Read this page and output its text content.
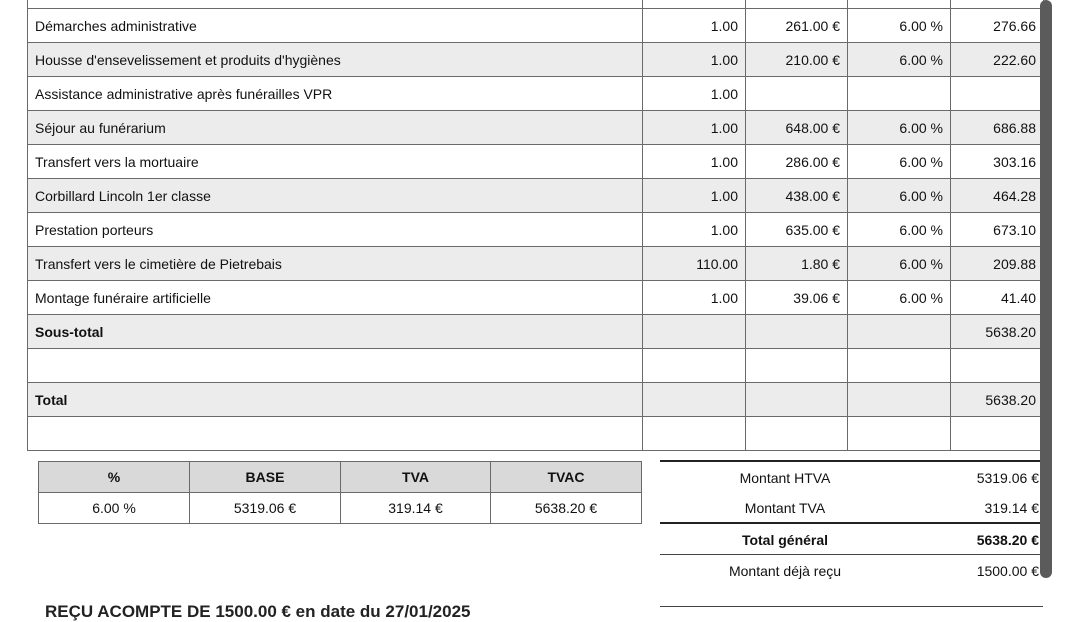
Démarches administrative	1.00	261.00 €	6.00 %	276.66
Housse d'ensevelissement et produits d'hygiènes	1.00	210.00 €	6.00 %	222.60
Assistance administrative après funérailles VPR	1.00			
Séjour au funérarium	1.00	648.00 €	6.00 %	686.88
Transfert vers la mortuaire	1.00	286.00 €	6.00 %	303.16
Corbillard Lincoln 1er classe	1.00	438.00 €	6.00 %	464.28
Prestation porteurs	1.00	635.00 €	6.00 %	673.10
Transfert vers le cimetière de Pietrebais	110.00	1.80 €	6.00 %	209.88
Montage funéraire artificielle	1.00	39.06 €	6.00 %	41.40
Sous-total				5638.20

Total				5638.20

%	BASE	TVA	TVAC
6.00 %	5319.06 €	319.14 €	5638.20 €
Montant HTVA	5319.06 €
Montant TVA	319.14 €
Total général	5638.20 €
Montant déjà reçu	1500.00 €
REÇU ACOMPTE DE 1500.00 € en date du 27/01/2025
